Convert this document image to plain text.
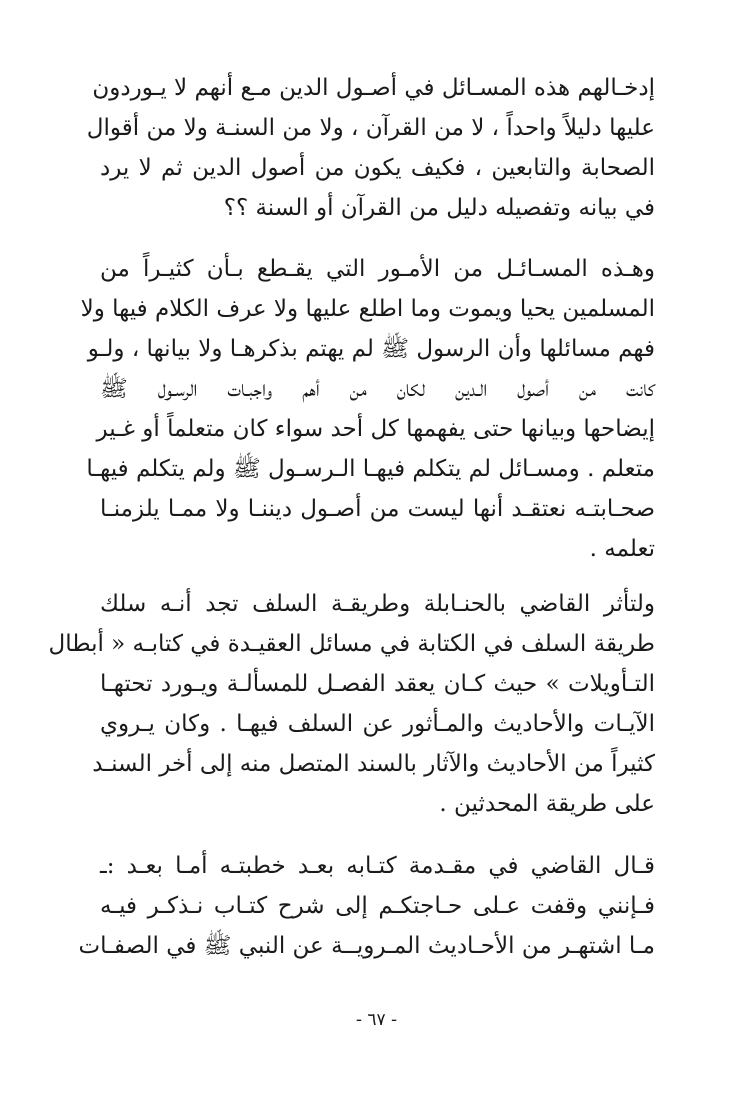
إدخـالهم هذه المسـائل في أصـول الدين مـع أنهم لا يـوردون
عليها دليلاً واحداً ، لا من القرآن ، ولا من السنـة ولا من أقوال
الصحابة والتابعين ، فكيف يكون من أصول الدين ثم لا يرد
في بيانه وتفصيله دليل من القرآن أو السنة ؟؟
وهـذه المسـائـل من الأمـور التي يقـطع بـأن كثيـراً من
المسلمين يحيا ويموت وما اطلع عليها ولا عرف الكلام فيها ولا
فهم مسائلها وأن الرسول ﷺ لم يهتم بذكرهـا ولا بيانها ، ولـو
كانت من أصول الـدين لكان من أهم واجبـات الرسـول ﷺ
إيضاحها وبيانها حتى يفهمها كل أحد سواء كان متعلماً أو غـير
متعلم . ومسـائل لم يتكلم فيهـا الـرسـول ﷺ ولم يتكلم فيهـا
صحـابتـه نعتقـد أنها ليست من أصـول ديننـا ولا ممـا يلزمنـا
تعلمه .
ولتأثر القاضي بالحنـابلة وطريقـة السلف تجد أنـه سلك
طريقة السلف في الكتابة في مسائل العقيـدة في كتابـه « أبطال
التـأويلات » حيث كـان يعقد الفصـل للمسألـة ويـورد تحتهـا
الآيـات والأحاديث والمـأثور عن السلف فيهـا . وكان يـروي
كثيراً من الأحاديث والآثار بالسند المتصل منه إلى أخر السنـد
على طريقة المحدثين .
قـال القاضي في مقـدمة كتـابه بعـد خطبتـه أمـا بعـد :ـ
فـإنني وقفت عـلى حـاجتكـم إلى شرح كتـاب نـذكـر فيـه
مـا اشتهـر من الأحـاديث المـرويــة عن النبي ﷺ في الصفـات
- ٦٧ -
